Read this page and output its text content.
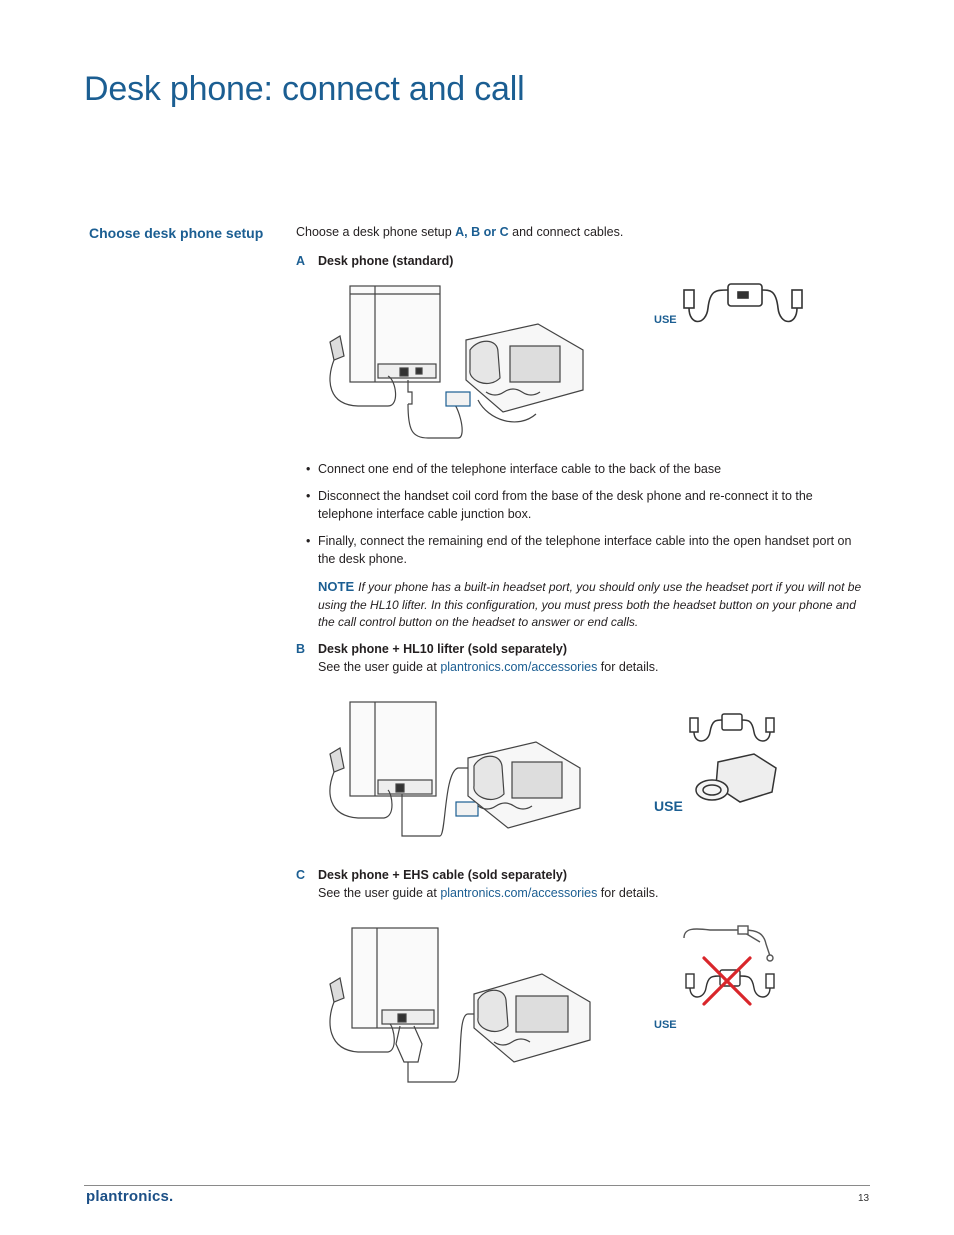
Desk phone: connect and call
Choose desk phone setup	Choose a desk phone setup A, B or C and connect cables.
A Desk phone (standard)
USE
• Connect one end of the telephone interface cable to the back of the base
• Disconnect the handset coil cord from the base of the desk phone and re-connect it to the telephone interface cable junction box.
• Finally, connect the remaining end of the telephone interface cable into the open handset port on the desk phone.
NOTE If your phone has a built-in headset port, you should only use the headset port if you will not be using the HL10 lifter. In this configuration, you must press both the headset button on your phone and the call control button on the headset to answer or end calls.
B Desk phone + HL10 lifter (sold separately)
See the user guide at plantronics.com/accessories for details.
USE
C Desk phone + EHS cable (sold separately)
See the user guide at plantronics.com/accessories for details.
USE
plantronics.	13
